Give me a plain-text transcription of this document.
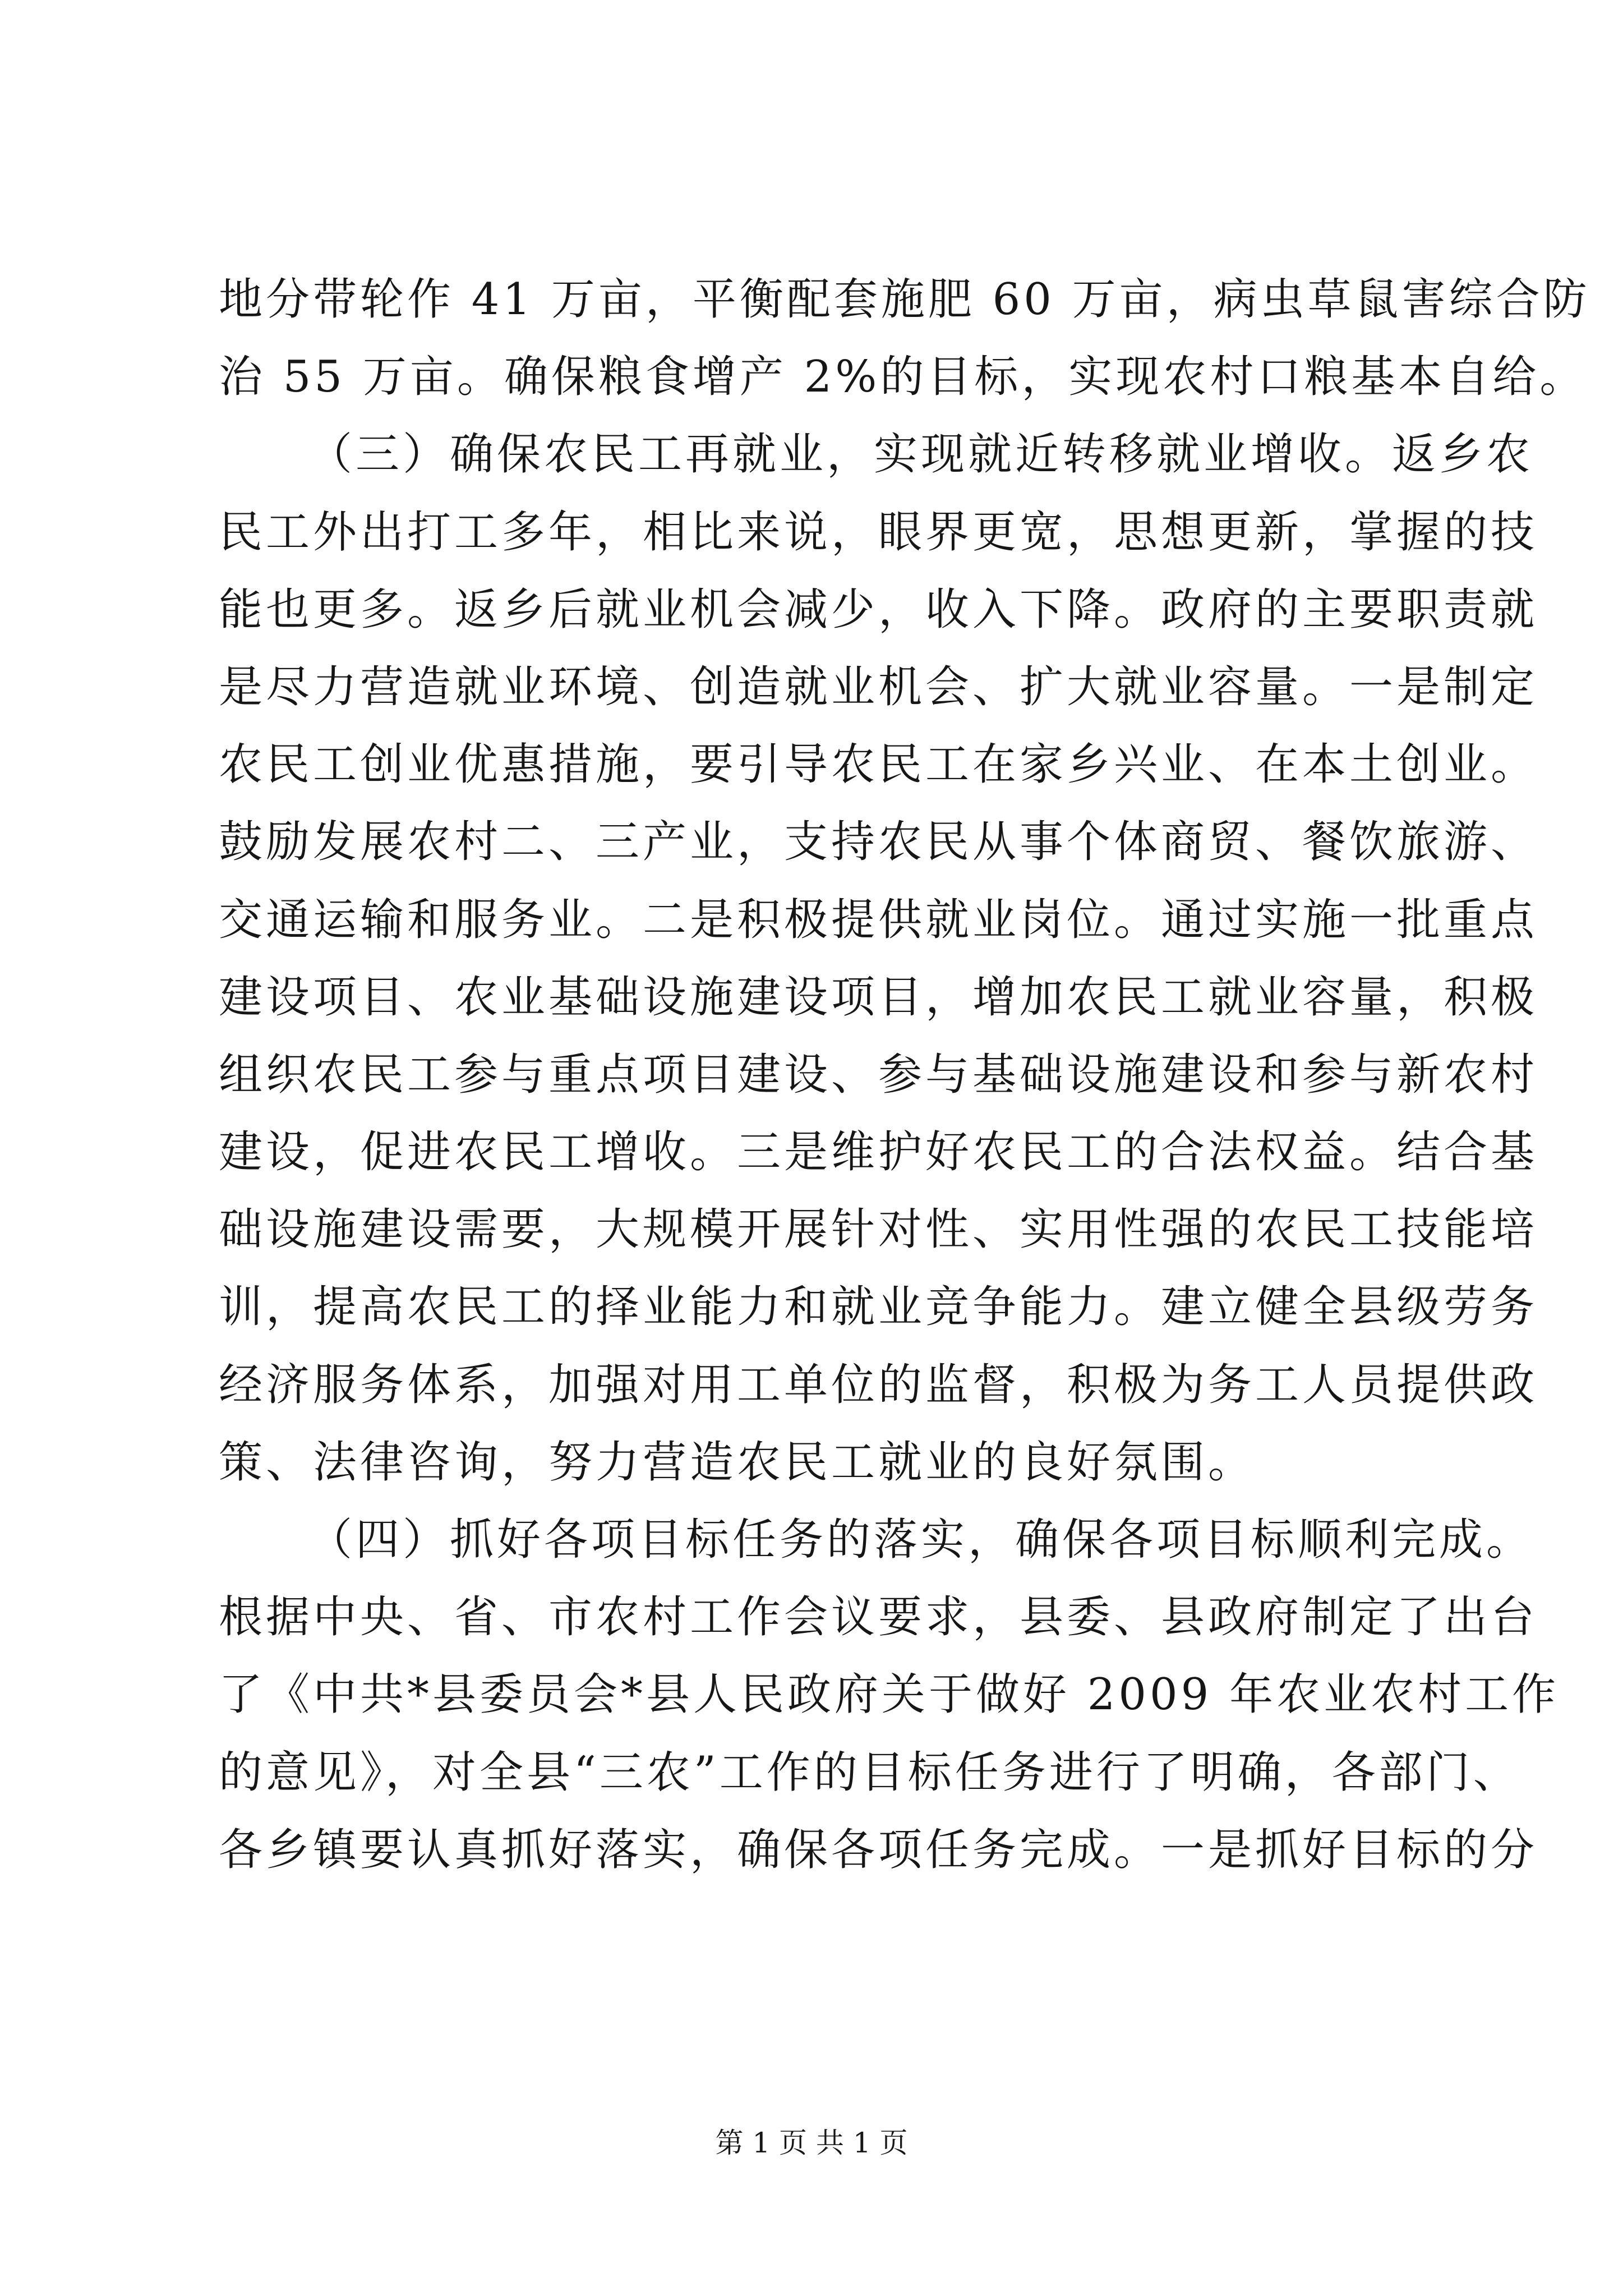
地分带轮作 41 万亩，平衡配套施肥 60 万亩，病虫草鼠害综合防
治 55 万亩。确保粮食增产 2%的目标，实现农村口粮基本自给。
（三）确保农民工再就业，实现就近转移就业增收。返乡农
民工外出打工多年，相比来说，眼界更宽，思想更新，掌握的技
能也更多。返乡后就业机会减少，收入下降。政府的主要职责就
是尽力营造就业环境、创造就业机会、扩大就业容量。一是制定
农民工创业优惠措施，要引导农民工在家乡兴业、在本土创业。
鼓励发展农村二、三产业，支持农民从事个体商贸、餐饮旅游、
交通运输和服务业。二是积极提供就业岗位。通过实施一批重点
建设项目、农业基础设施建设项目，增加农民工就业容量，积极
组织农民工参与重点项目建设、参与基础设施建设和参与新农村
建设，促进农民工增收。三是维护好农民工的合法权益。结合基
础设施建设需要，大规模开展针对性、实用性强的农民工技能培
训，提高农民工的择业能力和就业竞争能力。建立健全县级劳务
经济服务体系，加强对用工单位的监督，积极为务工人员提供政
策、法律咨询，努力营造农民工就业的良好氛围。
（四）抓好各项目标任务的落实，确保各项目标顺利完成。
根据中央、省、市农村工作会议要求，县委、县政府制定了出台
了《中共*县委员会*县人民政府关于做好 2009 年农业农村工作
的意见》，对全县“三农”工作的目标任务进行了明确，各部门、
各乡镇要认真抓好落实，确保各项任务完成。一是抓好目标的分
第 1 页 共 1 页
